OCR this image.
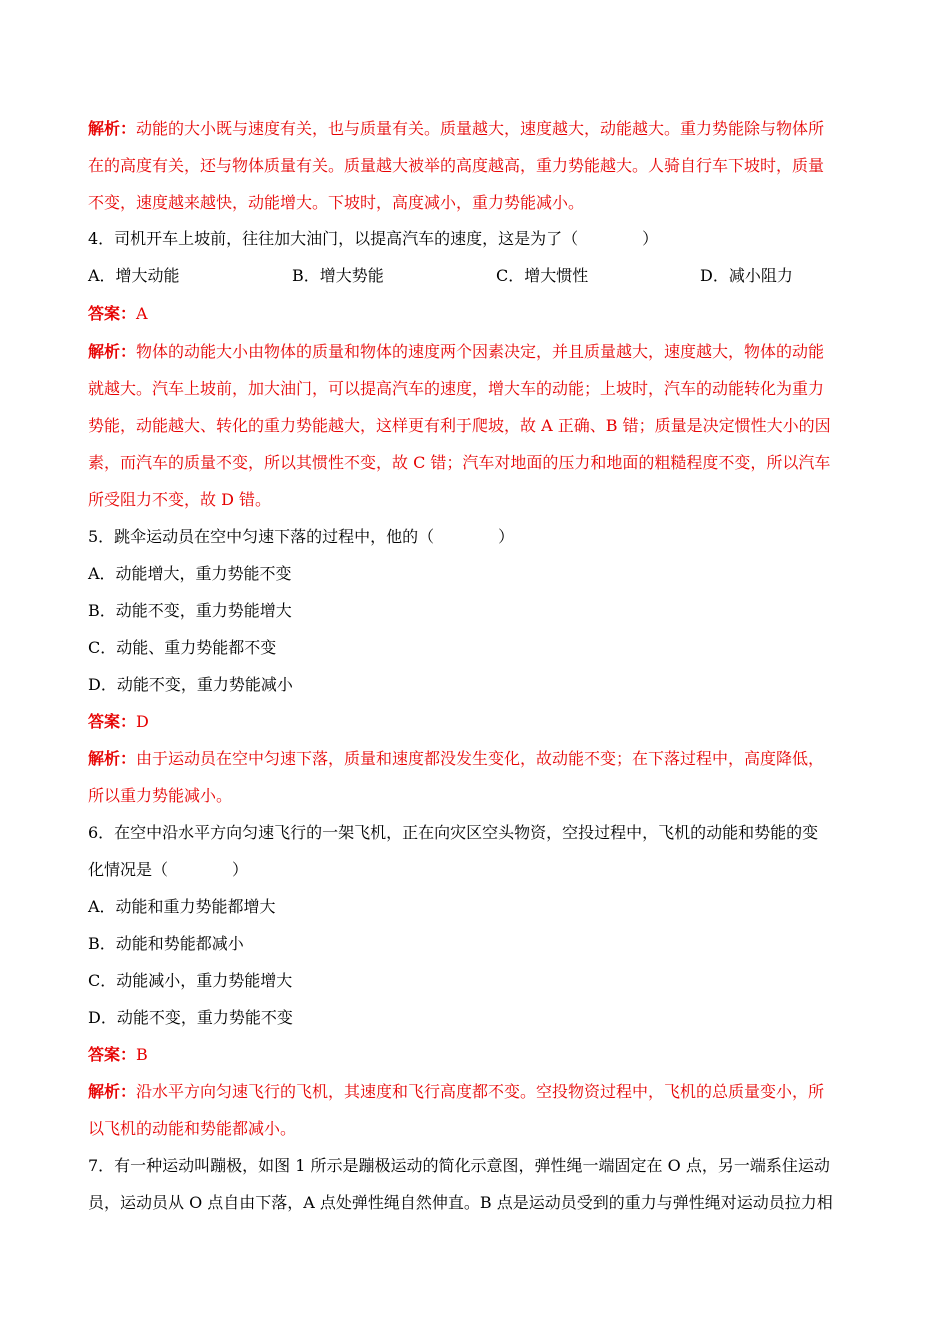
解析：动能的大小既与速度有关，也与质量有关。质量越大，速度越大，动能越大。重力势能除与物体所
在的高度有关，还与物体质量有关。质量越大被举的高度越高，重力势能越大。人骑自行车下坡时，质量
不变，速度越来越快，动能增大。下坡时，高度减小，重力势能减小。
4．司机开车上坡前，往往加大油门，以提高汽车的速度，这是为了（　　　　）
A．增大动能	B．增大势能	C．增大惯性	D．减小阻力
答案：A
解析：物体的动能大小由物体的质量和物体的速度两个因素决定，并且质量越大，速度越大，物体的动能
就越大。汽车上坡前，加大油门，可以提高汽车的速度，增大车的动能；上坡时，汽车的动能转化为重力
势能，动能越大、转化的重力势能越大，这样更有利于爬坡，故 A 正确、B 错；质量是决定惯性大小的因
素，而汽车的质量不变，所以其惯性不变，故 C 错；汽车对地面的压力和地面的粗糙程度不变，所以汽车
所受阻力不变，故 D 错。
5．跳伞运动员在空中匀速下落的过程中，他的（　　　　）
A．动能增大，重力势能不变
B．动能不变，重力势能增大
C．动能、重力势能都不变
D．动能不变，重力势能减小
答案：D
解析：由于运动员在空中匀速下落，质量和速度都没发生变化，故动能不变；在下落过程中，高度降低，
所以重力势能减小。
6．在空中沿水平方向匀速飞行的一架飞机，正在向灾区空头物资，空投过程中，飞机的动能和势能的变
化情况是（　　　　）
A．动能和重力势能都增大
B．动能和势能都减小
C．动能减小，重力势能增大
D．动能不变，重力势能不变
答案：B
解析：沿水平方向匀速飞行的飞机，其速度和飞行高度都不变。空投物资过程中，飞机的总质量变小，所
以飞机的动能和势能都减小。
7．有一种运动叫蹦极，如图 1 所示是蹦极运动的简化示意图，弹性绳一端固定在 O 点，另一端系住运动
员，运动员从 O 点自由下落，A 点处弹性绳自然伸直。B 点是运动员受到的重力与弹性绳对运动员拉力相
